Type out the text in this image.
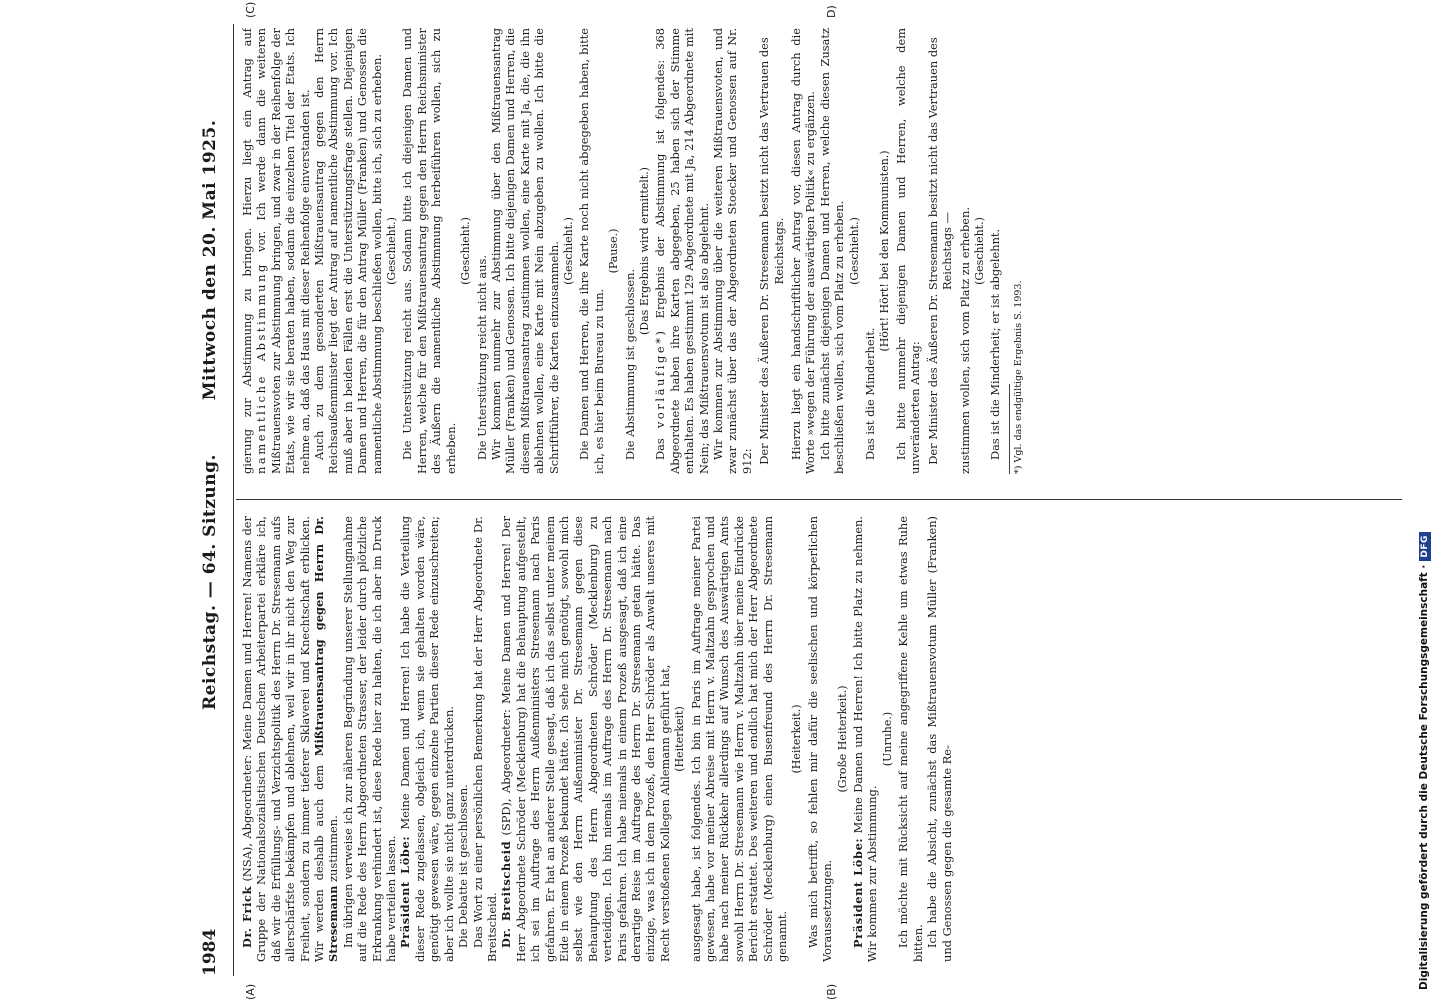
1984
Reichstag. — 64. Sitzung.
Mittwoch den 20. Mai 1925.
(A)	(B)
(C)	D)

Dr. Frick (NSA), Abgeordneter: Meine Damen und Herren! Namens der Gruppe der Nationalsozialistischen Deutschen Arbeiterpartei erkläre ich, daß wir die Erfüllungs- und Verzichtspolitik des Herrn Dr. Stresemann aufs allerschärfste bekämpfen und ablehnen, weil wir in ihr nicht den Weg zur Freiheit, sondern zu immer tieferer Sklaverei und Knechtschaft erblicken. Wir werden deshalb auch dem Mißtrauensantrag gegen Herrn Dr. Stresemann zustimmen. Im übrigen verweise ich zur näheren Begründung unserer Stellungnahme auf die Rede des Herrn Abgeordneten Strasser, der leider durch plötzliche Erkrankung verhindert ist, diese Rede hier zu halten, die ich aber im Druck habe verteilen lassen. Präsident Löbe: Meine Damen und Herren! Ich habe die Verteilung dieser Rede zugelassen, obgleich ich, wenn sie gehalten worden wäre, genötigt gewesen wäre, gegen einzelne Partien dieser Rede einzuschreiten; aber ich wollte sie nicht ganz unterdrücken. Die Debatte ist geschlossen. Das Wort zu einer persönlichen Bemerkung hat der Herr Abgeordnete Dr. Breitscheid. Dr. Breitscheid (SPD), Abgeordneter: Meine Damen und Herren! Der Herr Abgeordnete Schröder (Mecklenburg) hat die Behauptung aufgestellt, ich sei im Auftrage des Herrn Außenministers Stresemann nach Paris gefahren. Er hat an anderer Stelle gesagt, daß ich das selbst unter meinem Eide in einem Prozeß bekundet hätte. Ich sehe mich genötigt, sowohl mich selbst wie den Herrn Außenminister Dr. Stresemann gegen diese Behauptung des Herrn Abgeordneten Schröder (Mecklenburg) zu verteidigen. Ich bin niemals im Auftrage des Herrn Dr. Stresemann nach Paris gefahren. Ich habe niemals in einem Prozeß ausgesagt, daß ich eine derartige Reise im Auftrage des Herrn Dr. Stresemann getan hätte. Das einzige, was ich in dem Prozeß, den Herr Schröder als Anwalt unseres mit Recht verstoßenen Kollegen Ahlemann geführt hat, (Heiterkeit) ausgesagt habe, ist folgendes. Ich bin in Paris im Auftrage meiner Partei gewesen, habe vor meiner Abreise mit Herrn v. Maltzahn gesprochen und habe nach meiner Rückkehr allerdings auf Wunsch des Auswärtigen Amts sowohl Herrn Dr. Stresemann wie Herrn v. Maltzahn über meine Eindrücke Bericht erstattet. Des weiteren und endlich hat mich der Herr Abgeordnete Schröder (Mecklenburg) einen Busenfreund des Herrn Dr. Stresemann genannt.

(Heiterkeit.) Was mich betrifft, so fehlen mir dafür die seelischen und körperlichen Voraussetzungen.

(Große Heiterkeit.)

Präsident Löbe: Meine Damen und Herren! Ich bitte Platz zu nehmen. Wir kommen zur Abstimmung.

(Unruhe.) Ich möchte mit Rücksicht auf meine angegriffene Kehle um etwas Ruhe bitten. Ich habe die Absicht, zunächst das Mißtrauensvotum Müller (Franken) und Genossen gegen die gesamte Re-

gierung zur Abstimmung zu bringen. Hierzu liegt ein Antrag auf namentliche Abstimmung vor. Ich werde dann die weiteren Mißtrauensvoten zur Abstimmung bringen, und zwar in der Reihenfolge der Etats, wie wir sie beraten haben, sodann die einzelnen Titel der Etats. Ich nehme an, daß das Haus mit dieser Reihenfolge einverstanden ist. Auch zu dem gesonderten Mißtrauensantrag gegen den Herrn Reichsaußenminister liegt der Antrag auf namentliche Abstimmung vor. Ich muß aber in beiden Fällen erst die Unterstützungsfrage stellen. Diejenigen Damen und Herren, die für den Antrag Müller (Franken) und Genossen die namentliche Abstimmung beschließen wollen, bitte ich, sich zu erheben. (Geschieht.) Die Unterstützung reicht aus. Sodann bitte ich diejenigen Damen und Herren, welche für den Mißtrauensantrag gegen den Herrn Reichsminister des Äußern die namentliche Abstimmung herbeiführen wollen, sich zu erheben.

(Geschieht.)

Die Unterstützung reicht nicht aus. Wir kommen nunmehr zur Abstimmung über den Mißtrauensantrag Müller (Franken) und Genossen. Ich bitte diejenigen Damen und Herren, die diesem Mißtrauensantrag zustimmen wollen, eine Karte mit Ja, die, die ihn ablehnen wollen, eine Karte mit Nein abzugeben zu wollen. Ich bitte die Schriftführer, die Karten einzusammeln. (Geschieht.) Die Damen und Herren, die ihre Karte noch nicht abgegeben haben, bitte ich, es hier beim Bureau zu tun.

(Pause.)

Die Abstimmung ist geschlossen.

(Das Ergebnis wird ermittelt.)

Das vorläufige*) Ergebnis der Abstimmung ist folgendes: 368 Abgeordnete haben ihre Karten abgegeben, 25 haben sich der Stimme enthalten. Es haben gestimmt 129 Abgeordnete mit Ja, 214 Abgeordnete mit Nein; das Mißtrauensvotum ist also abgelehnt. Wir kommen zur Abstimmung über die weiteren Mißtrauensvoten, und zwar zunächst über das der Abgeordneten Stoecker und Genossen auf Nr. 912: Der Minister des Äußeren Dr. Stresemann besitzt nicht das Vertrauen des Reichstags. Hierzu liegt ein handschriftlicher Antrag vor, diesen Antrag durch die Worte »wegen der Führung der auswärtigen Politik« zu ergänzen. Ich bitte zunächst diejenigen Damen und Herren, welche diesen Zusatz beschließen wollen, sich vom Platz zu erheben. (Geschieht.)

Das ist die Minderheit.

(Hört! Hört! bei den Kommunisten.) Ich bitte nunmehr diejenigen Damen und Herren, welche dem unveränderten Antrag: Der Minister des Äußeren Dr. Stresemann besitzt nicht das Vertrauen des Reichstags — zustimmen wollen, sich vom Platz zu erheben. (Geschieht.) Das ist die Minderheit; er ist abgelehnt. *) Vgl. das endgültige Ergebnis S. 1993.

Digitalisierung gefördert durch die Deutsche Forschungsgemeinschaft ·DFG
